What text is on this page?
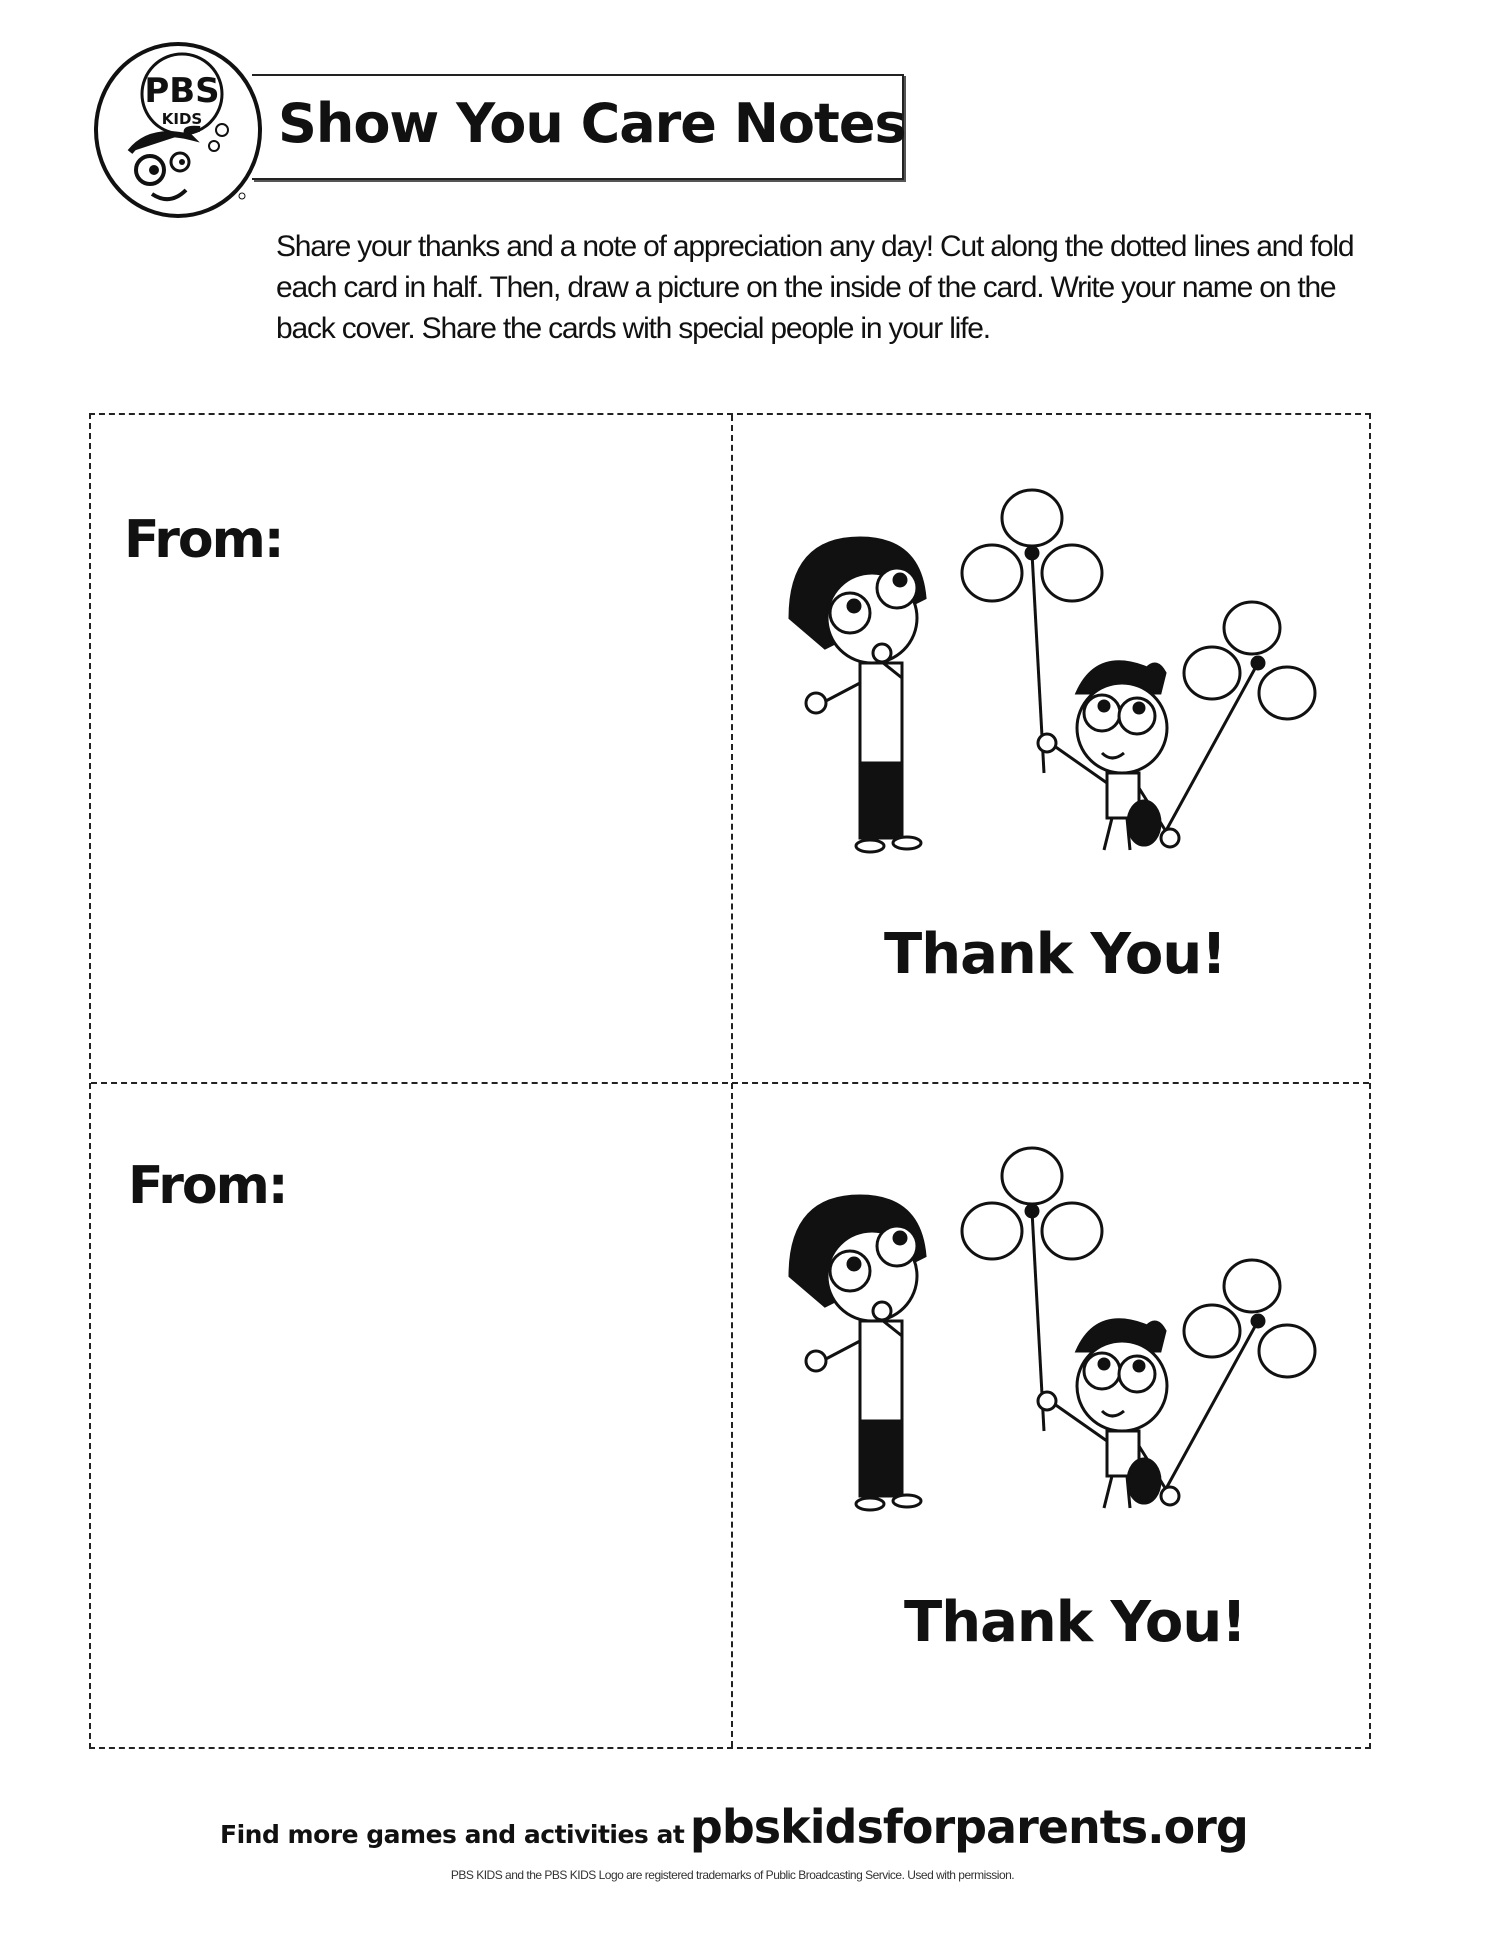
PBS
KIDS Show You Care Notes
Share your thanks and a note of appreciation any day! Cut along the dotted lines and fold each card in half. Then, draw a picture on the inside of the card. Write your name on the back cover. Share the cards with special people in your life.
From:
From:
Thank You!
Thank You!
Find more games and activities at pbskidsforparents.org
PBS KIDS and the PBS KIDS Logo are registered trademarks of Public Broadcasting Service. Used with permission.
